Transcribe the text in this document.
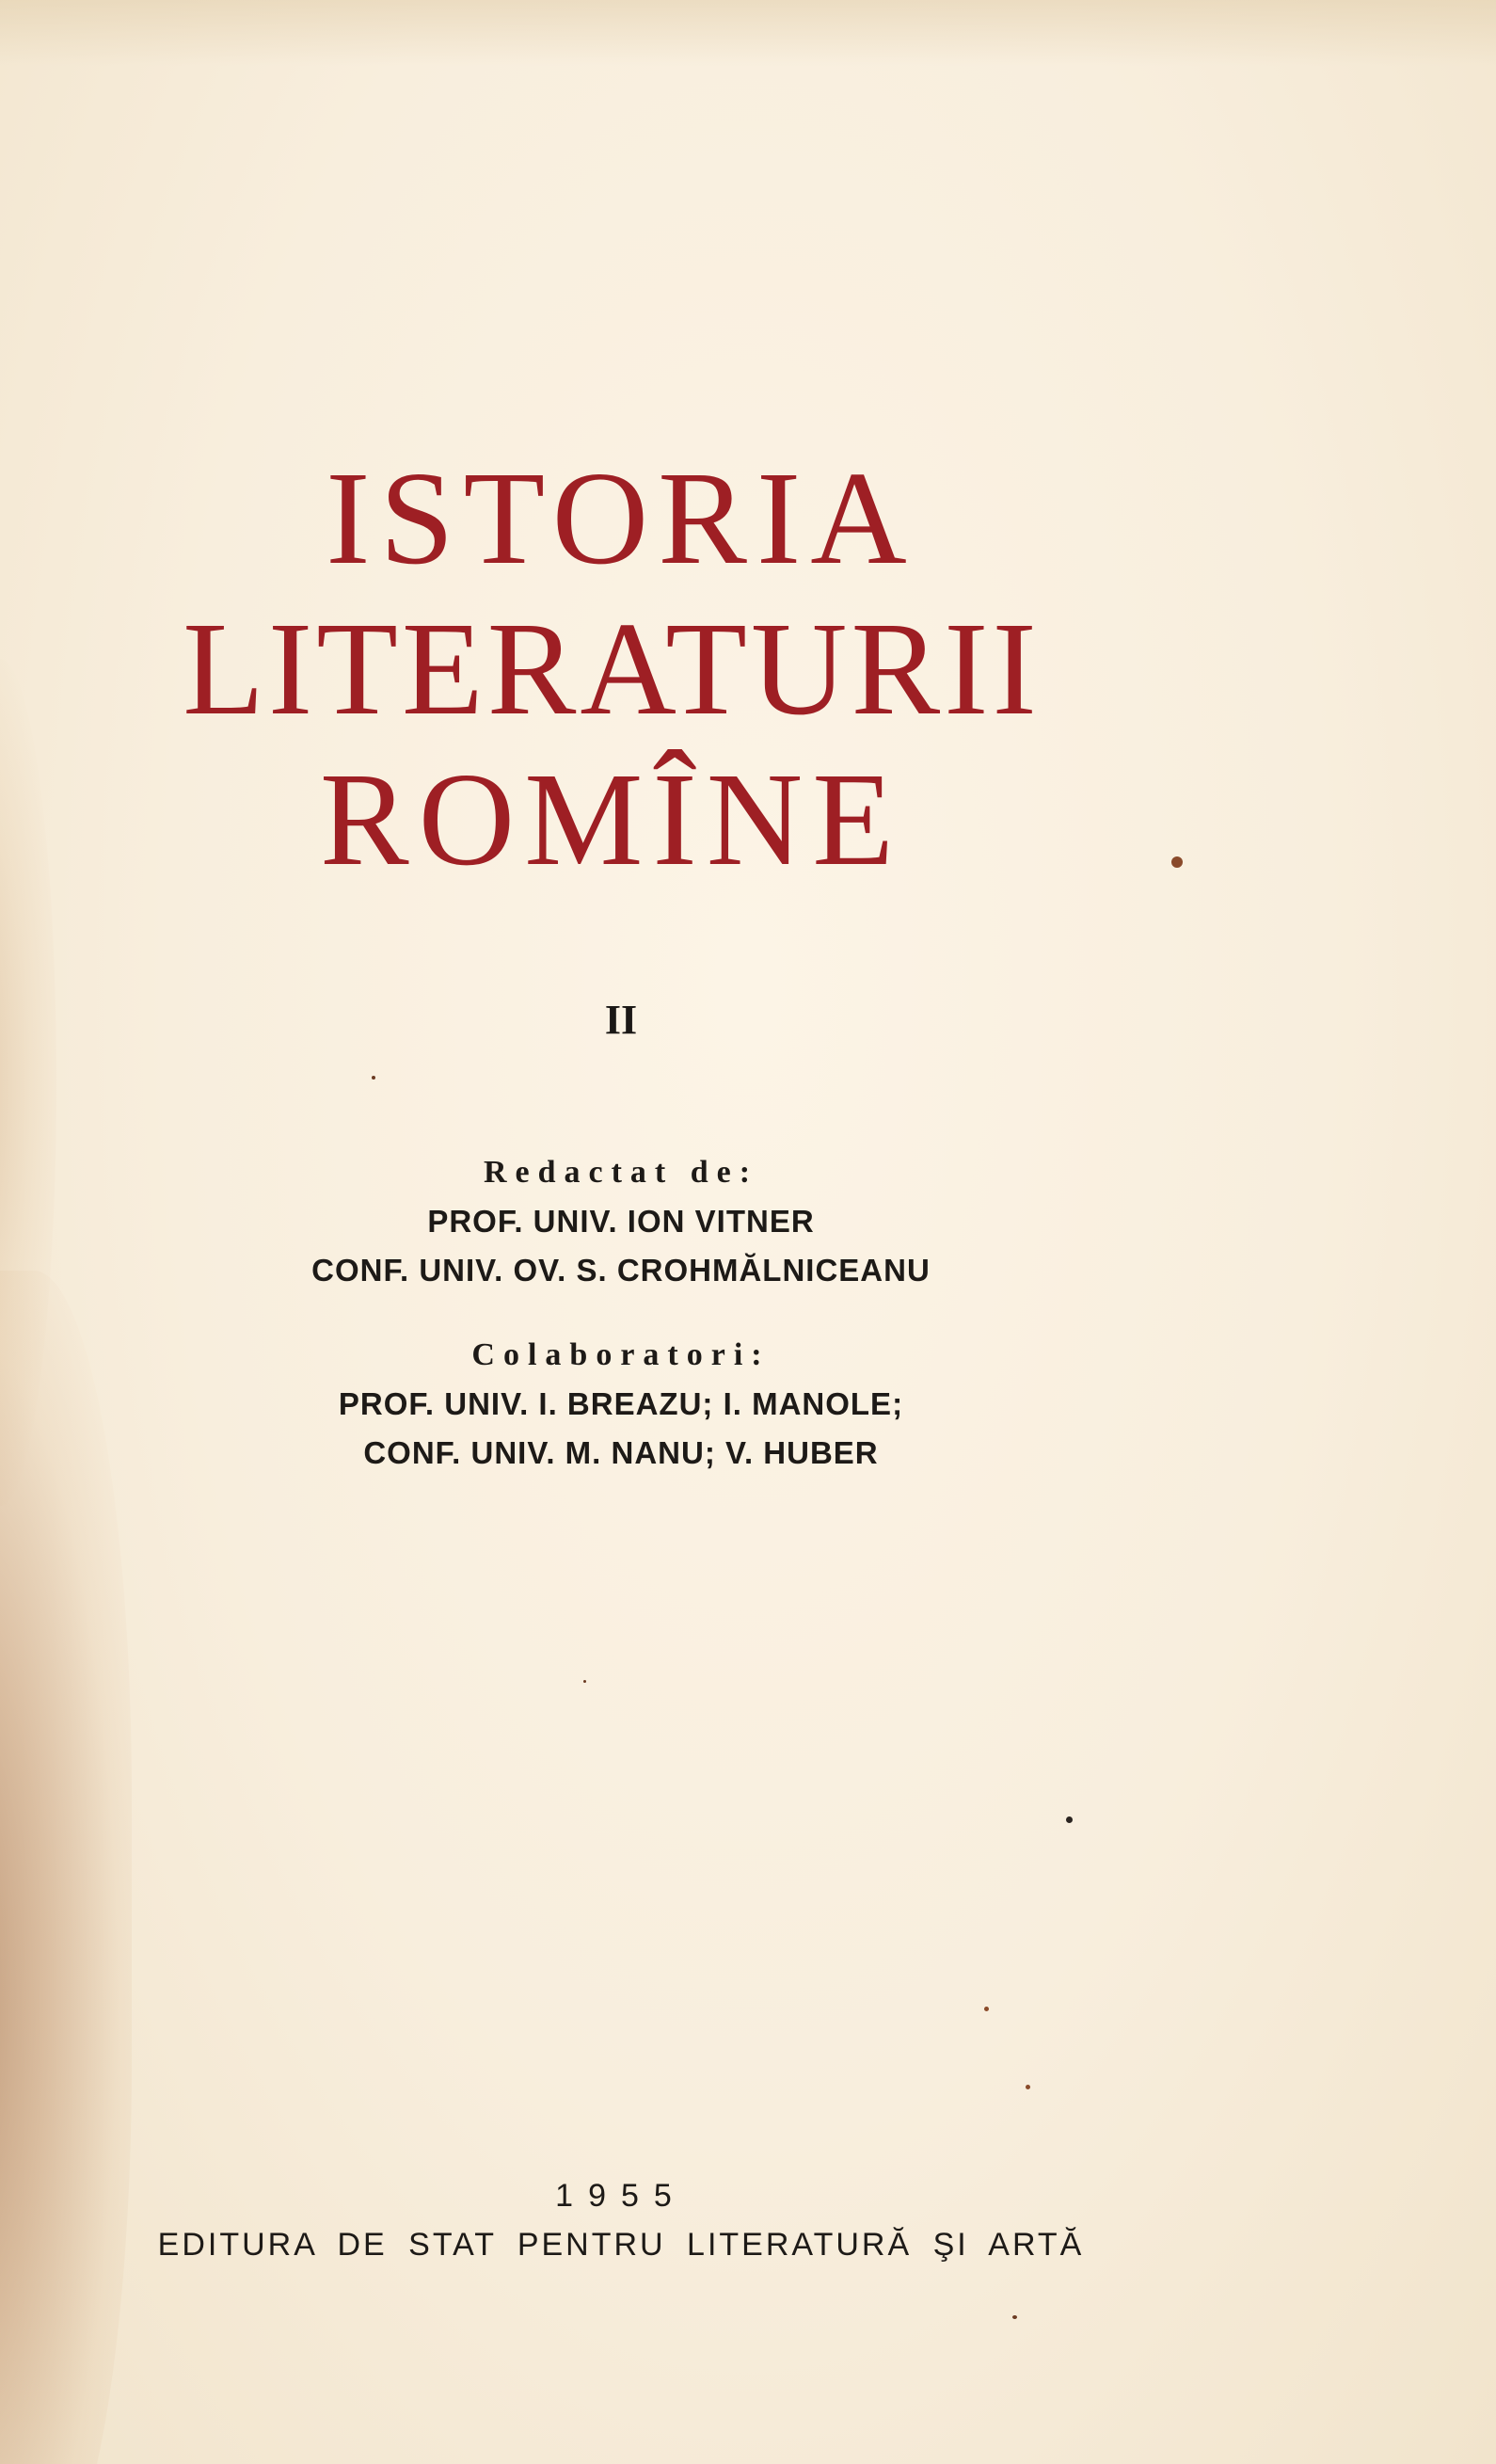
ISTORIA
LITERATURII
ROMÎNE
II
Redactat de:
PROF. UNIV. ION VITNER
CONF. UNIV. OV. S. CROHMĂLNICEANU
Colaboratori:
PROF. UNIV. I. BREAZU; I. MANOLE;
CONF. UNIV. M. NANU; V. HUBER
1955
EDITURA DE STAT PENTRU LITERATURĂ ŞI ARTĂ
